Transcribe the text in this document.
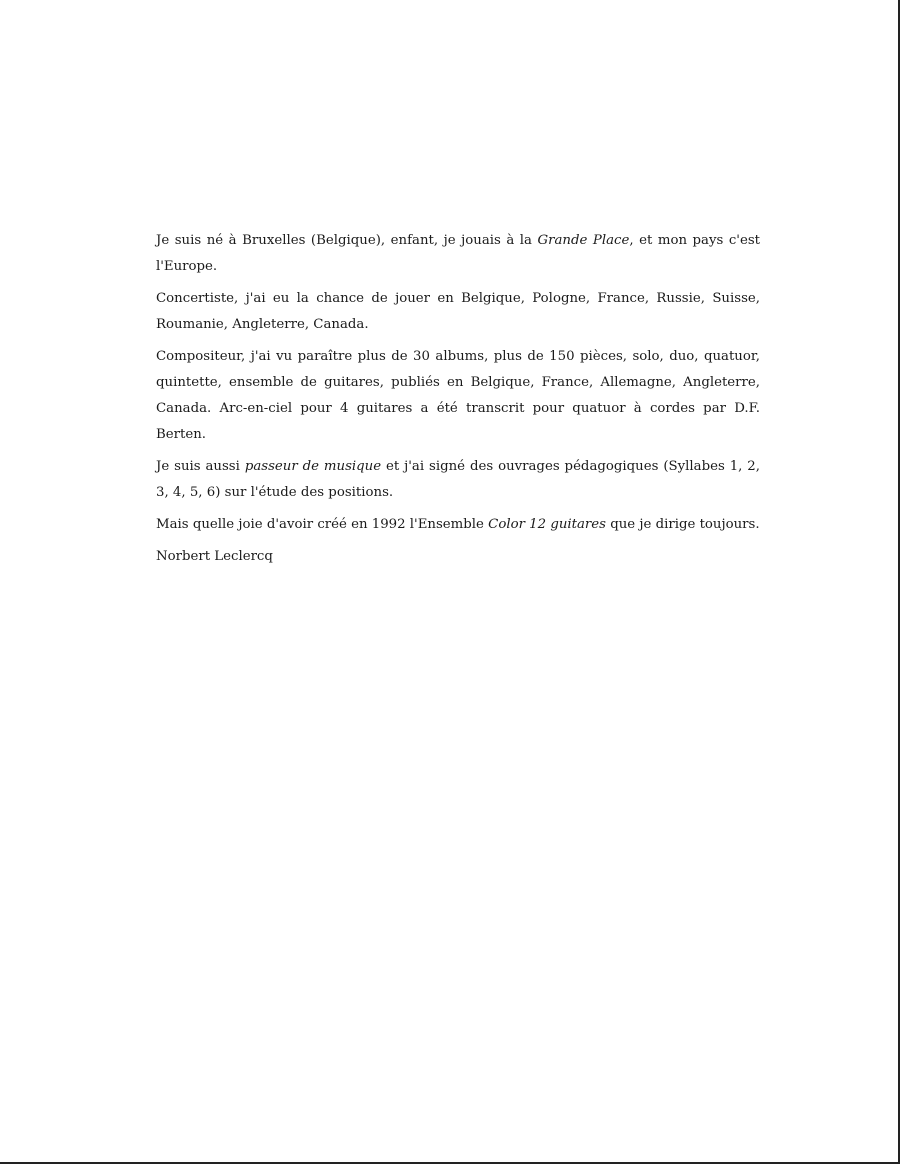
Je suis né à Bruxelles (Belgique), enfant, je jouais à la Grande Place, et mon pays c'est l'Europe.

Concertiste, j'ai eu la chance de jouer en Belgique, Pologne, France, Russie, Suisse, Roumanie, Angleterre, Canada.

Compositeur, j'ai vu paraître plus de 30 albums, plus de 150 pièces, solo, duo, quatuor, quintette, ensemble de guitares, publiés en Belgique, France, Allemagne, Angleterre, Canada. Arc-en-ciel pour 4 guitares a été transcrit pour quatuor à cordes par D.F. Berten.

Je suis aussi passeur de musique et j'ai signé des ouvrages pédagogiques (Syllabes 1, 2, 3, 4, 5, 6) sur l'étude des positions.

Mais quelle joie d'avoir créé en 1992 l'Ensemble Color 12 guitares que je dirige toujours.

Norbert Leclercq
